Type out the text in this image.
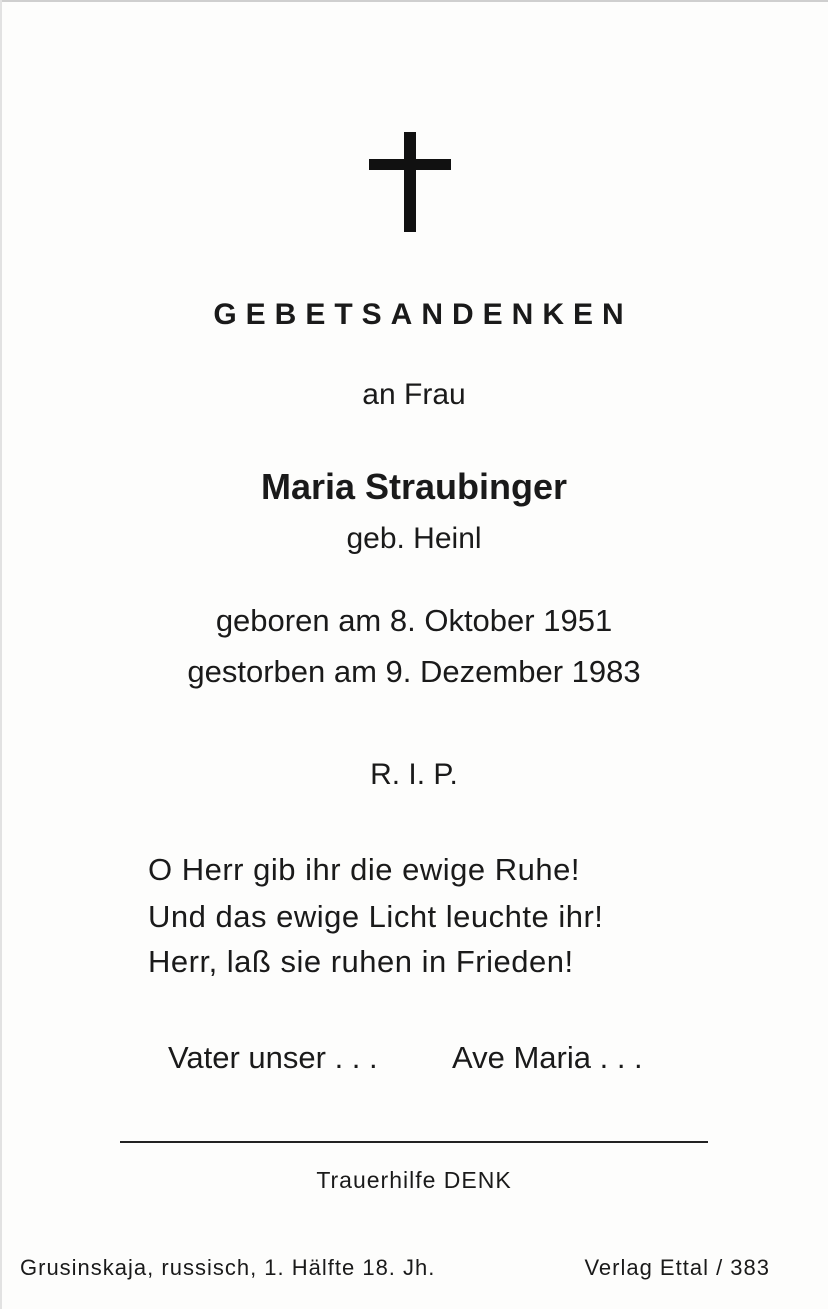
GEBETSANDENKEN
an Frau
Maria Straubinger
geb. Heinl
geboren am 8. Oktober 1951
gestorben am 9. Dezember 1983
R. I. P.
O Herr gib ihr die ewige Ruhe!
Und das ewige Licht leuchte ihr!
Herr, laß sie ruhen in Frieden!
Vater unser . . . Ave Maria . . .
Trauerhilfe DENK
Grusinskaja, russisch, 1. Hälfte 18. Jh.	Verlag Ettal / 383
